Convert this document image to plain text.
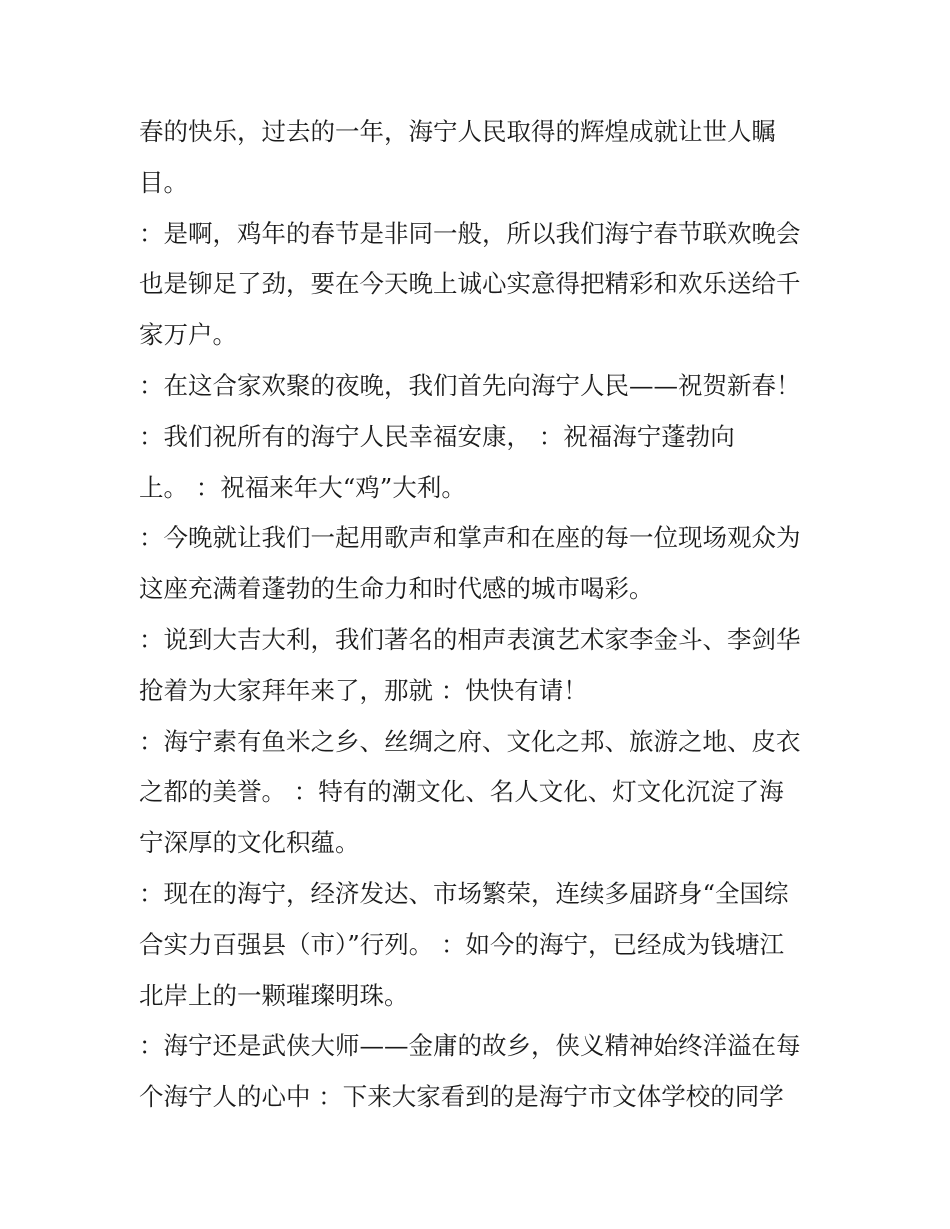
春的快乐，过去的一年，海宁人民取得的辉煌成就让世人瞩
目。
：是啊，鸡年的春节是非同一般，所以我们海宁春节联欢晚会
也是铆足了劲，要在今天晚上诚心实意得把精彩和欢乐送给千
家万户。
：在这合家欢聚的夜晚，我们首先向海宁人民——祝贺新春！
：我们祝所有的海宁人民幸福安康， ：祝福海宁蓬勃向
上。 ：祝福来年大“鸡”大利。
：今晚就让我们一起用歌声和掌声和在座的每一位现场观众为
这座充满着蓬勃的生命力和时代感的城市喝彩。
：说到大吉大利，我们著名的相声表演艺术家李金斗、李剑华
抢着为大家拜年来了，那就 ：快快有请！
：海宁素有鱼米之乡、丝绸之府、文化之邦、旅游之地、皮衣
之都的美誉。 ：特有的潮文化、名人文化、灯文化沉淀了海
宁深厚的文化积蕴。
：现在的海宁，经济发达、市场繁荣，连续多届跻身“全国综
合实力百强县（市）”行列。 ：如今的海宁，已经成为钱塘江
北岸上的一颗璀璨明珠。
：海宁还是武侠大师——金庸的故乡，侠义精神始终洋溢在每
个海宁人的心中 ：下来大家看到的是海宁市文体学校的同学
